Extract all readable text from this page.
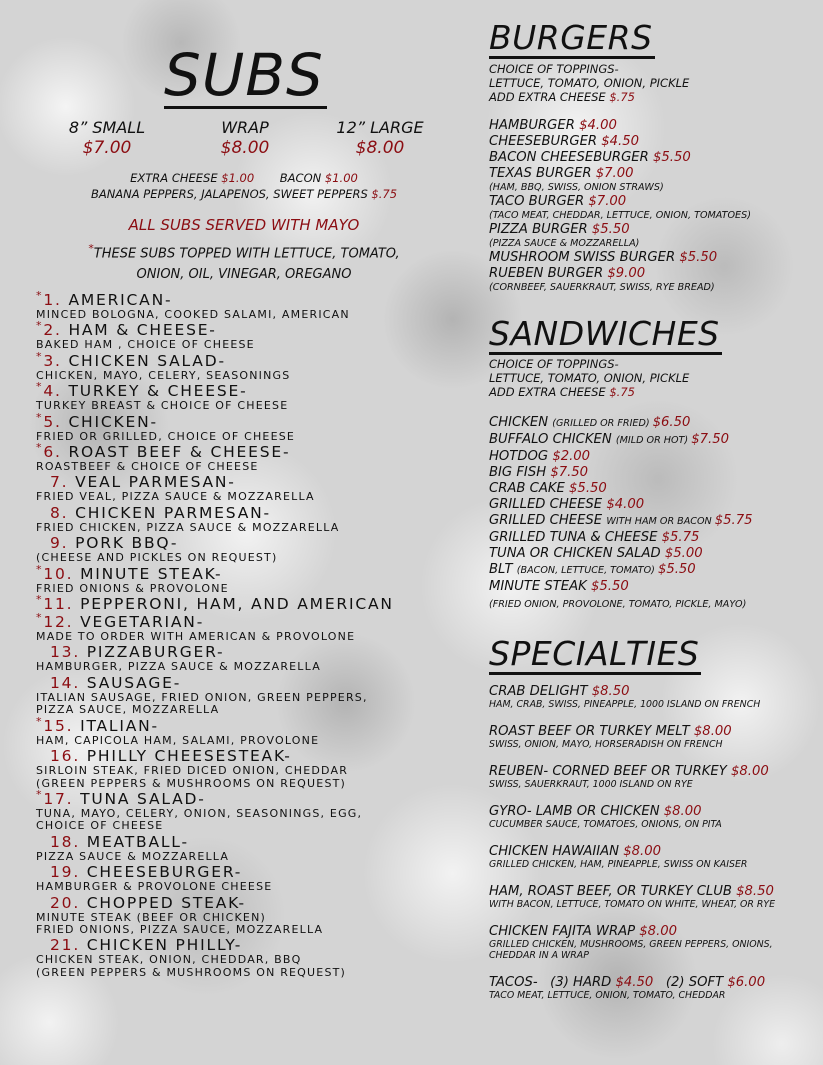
SUBS
8” SMALL
$7.00
WRAP
$8.00
12” LARGE
$8.00
EXTRA CHEESE $1.00 BACON $1.00
BANANA PEPPERS, JALAPENOS, SWEET PEPPERS $.75
ALL SUBS SERVED WITH MAYO
*THESE SUBS TOPPED WITH LETTUCE, TOMATO,
ONION, OIL, VINEGAR, OREGANO
*1. AMERICAN-
MINCED BOLOGNA, COOKED SALAMI, AMERICAN
*2. HAM & CHEESE-
BAKED HAM , CHOICE OF CHEESE
*3. CHICKEN SALAD-
CHICKEN, MAYO, CELERY, SEASONINGS
*4. TURKEY & CHEESE-
TURKEY BREAST & CHOICE OF CHEESE
*5. CHICKEN-
FRIED OR GRILLED, CHOICE OF CHEESE
*6. ROAST BEEF & CHEESE-
ROASTBEEF & CHOICE OF CHEESE
7. VEAL PARMESAN-
FRIED VEAL, PIZZA SAUCE & MOZZARELLA
8. CHICKEN PARMESAN-
FRIED CHICKEN, PIZZA SAUCE & MOZZARELLA
9. PORK BBQ-
(CHEESE AND PICKLES ON REQUEST)
*10. MINUTE STEAK-
FRIED ONIONS & PROVOLONE
*11. PEPPERONI, HAM, AND AMERICAN
*12. VEGETARIAN-
MADE TO ORDER WITH AMERICAN & PROVOLONE
13. PIZZABURGER-
HAMBURGER, PIZZA SAUCE & MOZZARELLA
14. SAUSAGE-
ITALIAN SAUSAGE, FRIED ONION, GREEN PEPPERS,
PIZZA SAUCE, MOZZARELLA
*15. ITALIAN-
HAM, CAPICOLA HAM, SALAMI, PROVOLONE
16. PHILLY CHEESESTEAK-
SIRLOIN STEAK, FRIED DICED ONION, CHEDDAR
(GREEN PEPPERS & MUSHROOMS ON REQUEST)
*17. TUNA SALAD-
TUNA, MAYO, CELERY, ONION, SEASONINGS, EGG,
CHOICE OF CHEESE
18. MEATBALL-
PIZZA SAUCE & MOZZARELLA
19. CHEESEBURGER-
HAMBURGER & PROVOLONE CHEESE
20. CHOPPED STEAK-
MINUTE STEAK (BEEF OR CHICKEN)
FRIED ONIONS, PIZZA SAUCE, MOZZARELLA
21. CHICKEN PHILLY-
CHICKEN STEAK, ONION, CHEDDAR, BBQ
(GREEN PEPPERS & MUSHROOMS ON REQUEST)
BURGERS
CHOICE OF TOPPINGS-
LETTUCE, TOMATO, ONION, PICKLE
ADD EXTRA CHEESE $.75
HAMBURGER $4.00
CHEESEBURGER $4.50
BACON CHEESEBURGER $5.50
TEXAS BURGER $7.00
(HAM, BBQ, SWISS, ONION STRAWS)
TACO BURGER $7.00
(TACO MEAT, CHEDDAR, LETTUCE, ONION, TOMATOES)
PIZZA BURGER $5.50
(PIZZA SAUCE & MOZZARELLA)
MUSHROOM SWISS BURGER $5.50
RUEBEN BURGER $9.00
(CORNBEEF, SAUERKRAUT, SWISS, RYE BREAD)
SANDWICHES
CHOICE OF TOPPINGS-
LETTUCE, TOMATO, ONION, PICKLE
ADD EXTRA CHEESE $.75
CHICKEN (GRILLED OR FRIED) $6.50
BUFFALO CHICKEN (MILD OR HOT) $7.50
HOTDOG $2.00
BIG FISH $7.50
CRAB CAKE $5.50
GRILLED CHEESE $4.00
GRILLED CHEESE WITH HAM OR BACON $5.75
GRILLED TUNA & CHEESE $5.75
TUNA OR CHICKEN SALAD $5.00
BLT (BACON, LETTUCE, TOMATO) $5.50
MINUTE STEAK $5.50
(FRIED ONION, PROVOLONE, TOMATO, PICKLE, MAYO)
SPECIALTIES
CRAB DELIGHT $8.50
HAM, CRAB, SWISS, PINEAPPLE, 1000 ISLAND ON FRENCH
ROAST BEEF OR TURKEY MELT $8.00
SWISS, ONION, MAYO, HORSERADISH ON FRENCH
REUBEN- CORNED BEEF OR TURKEY $8.00
SWISS, SAUERKRAUT, 1000 ISLAND ON RYE
GYRO- LAMB OR CHICKEN $8.00
CUCUMBER SAUCE, TOMATOES, ONIONS, ON PITA
CHICKEN HAWAIIAN $8.00
GRILLED CHICKEN, HAM, PINEAPPLE, SWISS ON KAISER
HAM, ROAST BEEF, OR TURKEY CLUB $8.50
WITH BACON, LETTUCE, TOMATO ON WHITE, WHEAT, OR RYE
CHICKEN FAJITA WRAP $8.00
GRILLED CHICKEN, MUSHROOMS, GREEN PEPPERS, ONIONS,
CHEDDAR IN A WRAP
TACOS- (3) HARD $4.50 (2) SOFT $6.00
TACO MEAT, LETTUCE, ONION, TOMATO, CHEDDAR
